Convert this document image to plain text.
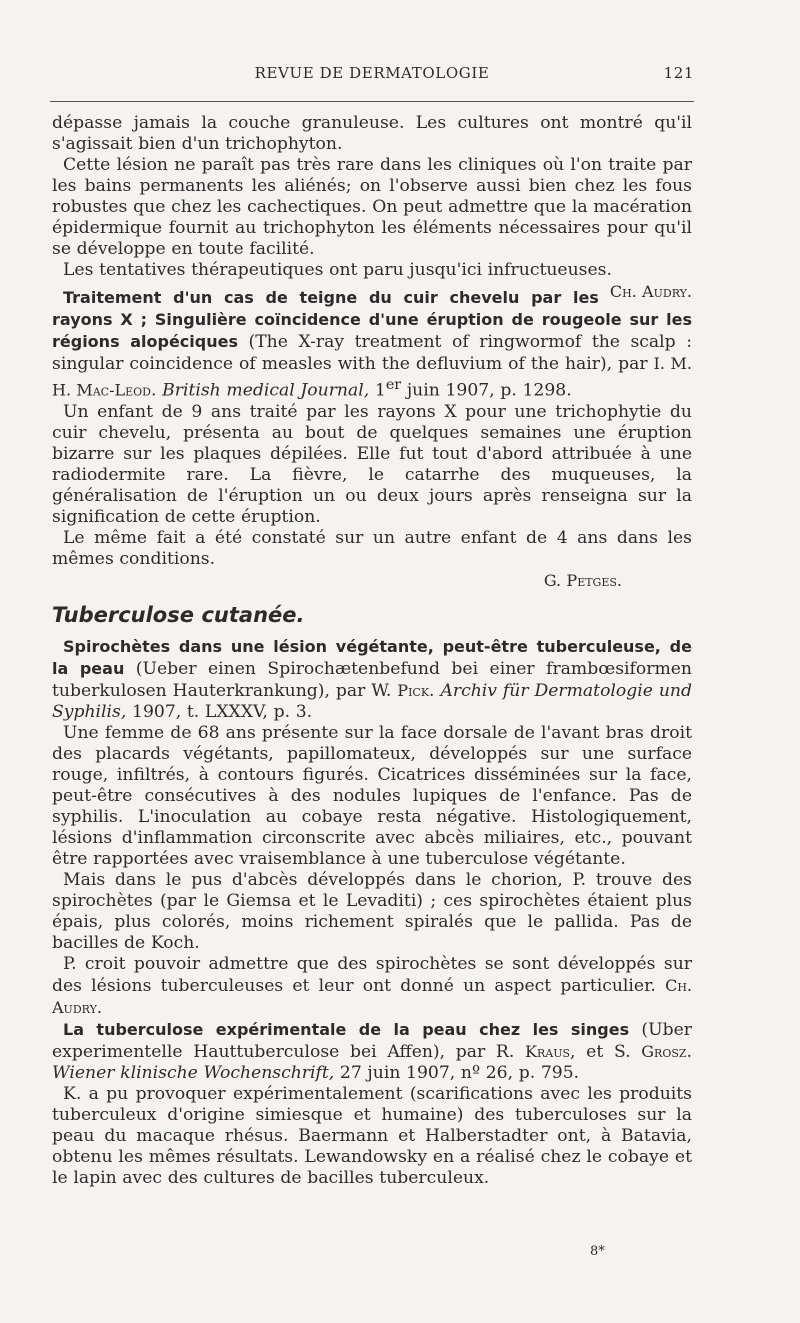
REVUE DE DERMATOLOGIE	121

dépasse jamais la couche granuleuse. Les cultures ont montré qu'il s'agissait bien d'un trichophyton.

Cette lésion ne paraît pas très rare dans les cliniques où l'on traite par les bains permanents les aliénés; on l'observe aussi bien chez les fous robustes que chez les cachectiques. On peut admettre que la macération épidermique fournit au trichophyton les éléments nécessaires pour qu'il se développe en toute facilité.

Les tentatives thérapeutiques ont paru jusqu'ici infructueuses.
Ch. Audry.

Traitement d'un cas de teigne du cuir chevelu par les rayons X ; Singulière coïncidence d'une éruption de rougeole sur les régions alopéciques (The X-ray treatment of ringwormof the scalp : singular coincidence of measles with the defluvium of the hair), par I. M. H. Mac-Leod. British medical Journal, 1er juin 1907, p. 1298.

Un enfant de 9 ans traité par les rayons X pour une trichophytie du cuir chevelu, présenta au bout de quelques semaines une éruption bizarre sur les plaques dépilées. Elle fut tout d'abord attribuée à une radiodermite rare. La fièvre, le catarrhe des muqueuses, la généralisation de l'éruption un ou deux jours après renseigna sur la signification de cette éruption.

Le même fait a été constaté sur un autre enfant de 4 ans dans les mêmes conditions.

G. Petges.

Tuberculose cutanée.

Spirochètes dans une lésion végétante, peut-être tuberculeuse, de la peau (Ueber einen Spirochætenbefund bei einer frambœsiformen tuberkulosen Hauterkrankung), par W. Pick. Archiv für Dermatologie und Syphilis, 1907, t. LXXXV, p. 3.

Une femme de 68 ans présente sur la face dorsale de l'avant bras droit des placards végétants, papillomateux, développés sur une surface rouge, infiltrés, à contours figurés. Cicatrices disséminées sur la face, peut-être consécutives à des nodules lupiques de l'enfance. Pas de syphilis. L'inoculation au cobaye resta négative. Histologiquement, lésions d'inflammation circonscrite avec abcès miliaires, etc., pouvant être rapportées avec vraisemblance à une tuberculose végétante.

Mais dans le pus d'abcès développés dans le chorion, P. trouve des spirochètes (par le Giemsa et le Levaditi) ; ces spirochètes étaient plus épais, plus colorés, moins richement spiralés que le pallida. Pas de bacilles de Koch.

P. croit pouvoir admettre que des spirochètes se sont développés sur des lésions tuberculeuses et leur ont donné un aspect particulier. Ch. Audry.

La tuberculose expérimentale de la peau chez les singes (Uber experimentelle Hauttuberculose bei Affen), par R. Kraus, et S. Grosz. Wiener klinische Wochenschrift, 27 juin 1907, nº 26, p. 795.

K. a pu provoquer expérimentalement (scarifications avec les produits tuberculeux d'origine simiesque et humaine) des tuberculoses sur la peau du macaque rhésus. Baermann et Halberstadter ont, à Batavia, obtenu les mêmes résultats. Lewandowsky en a réalisé chez le cobaye et le lapin avec des cultures de bacilles tuberculeux.

8*
